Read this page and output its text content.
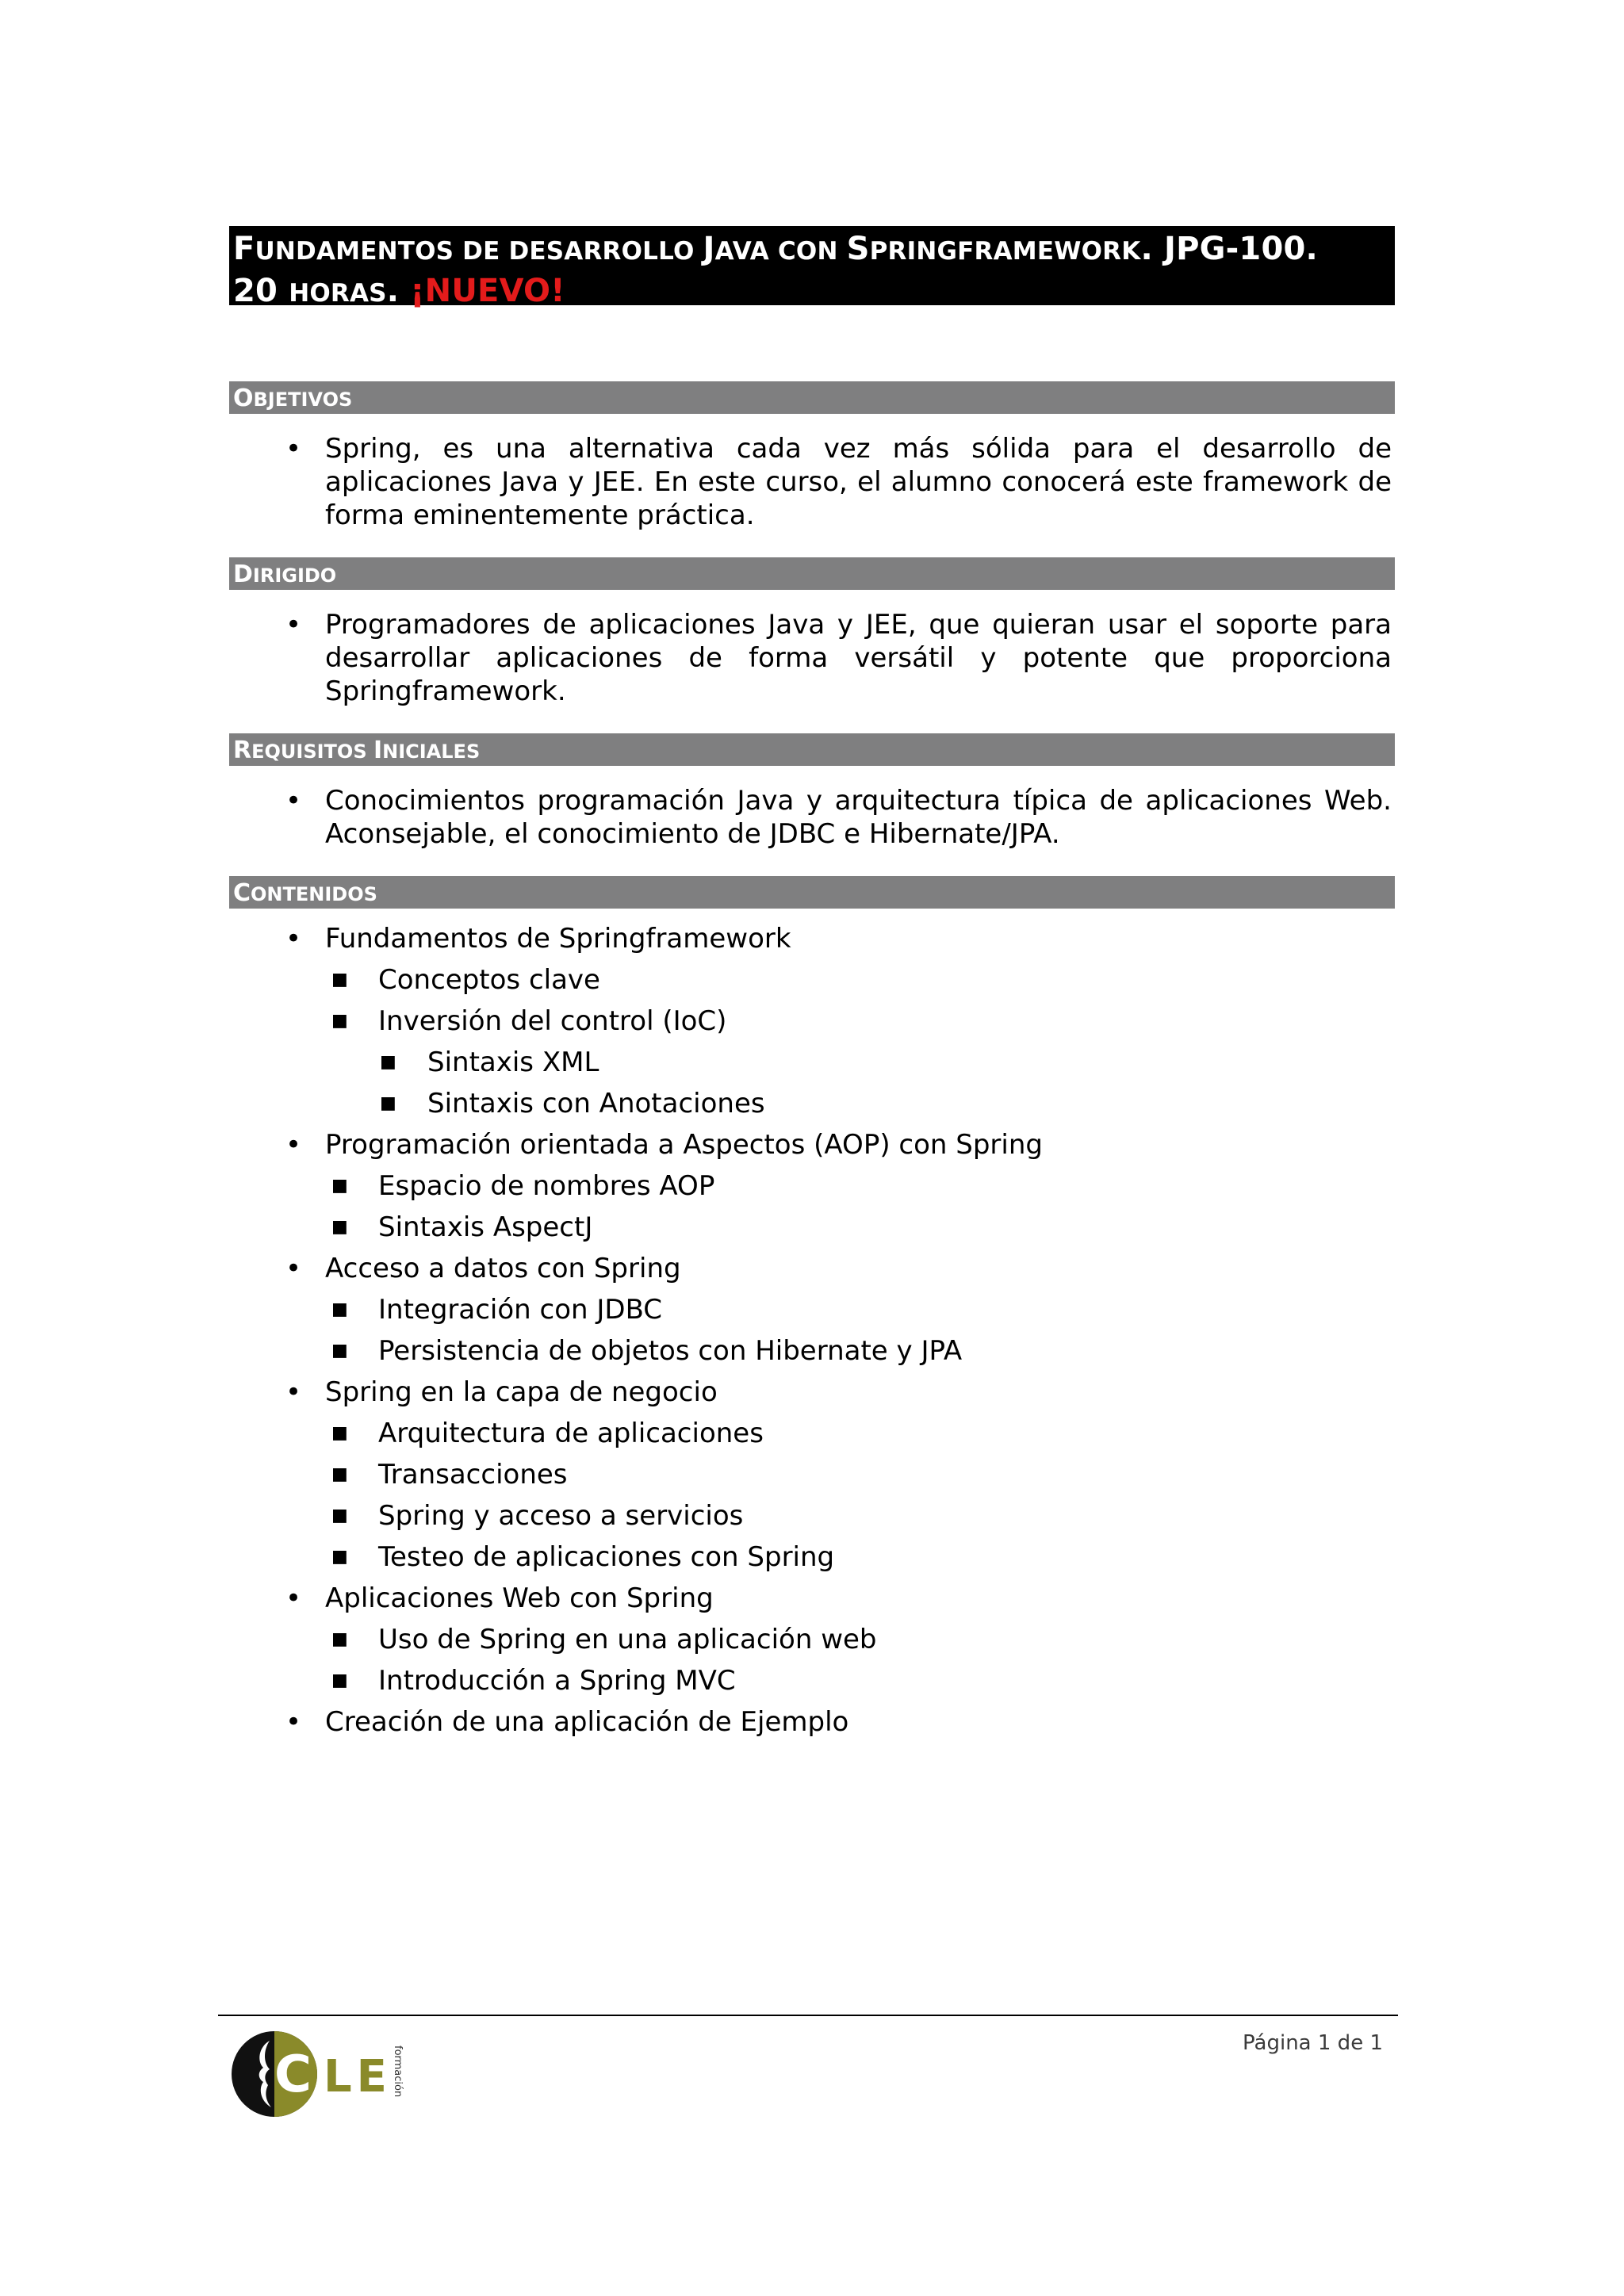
FUNDAMENTOS DE DESARROLLO JAVA CON SPRINGFRAMEWORK. JPG-100.
20 HORAS. ¡NUEVO!
OBJETIVOS
• Spring, es una alternativa cada vez más sólida para el desarrollo de aplicaciones Java y JEE. En este curso, el alumno conocerá este framework de forma eminentemente práctica.
DIRIGIDO
• Programadores de aplicaciones Java y JEE, que quieran usar el soporte para desarrollar aplicaciones de forma versátil y potente que proporciona Springframework.
REQUISITOS INICIALES
• Conocimientos programación Java y arquitectura típica de aplicaciones Web. Aconsejable, el conocimiento de JDBC e Hibernate/JPA.
CONTENIDOS
• Fundamentos de Springframework
■ Conceptos clave
■ Inversión del control (IoC)
■ Sintaxis XML
■ Sintaxis con Anotaciones
• Programación orientada a Aspectos (AOP) con Spring
■ Espacio de nombres AOP
■ Sintaxis AspectJ
• Acceso a datos con Spring
■ Integración con JDBC
■ Persistencia de objetos con Hibernate y JPA
• Spring en la capa de negocio
■ Arquitectura de aplicaciones
■ Transacciones
■ Spring y acceso a servicios
■ Testeo de aplicaciones con Spring
• Aplicaciones Web con Spring
■ Uso de Spring en una aplicación web
■ Introducción a Spring MVC
• Creación de una aplicación de Ejemplo
C LE formación
Página 1 de 1
